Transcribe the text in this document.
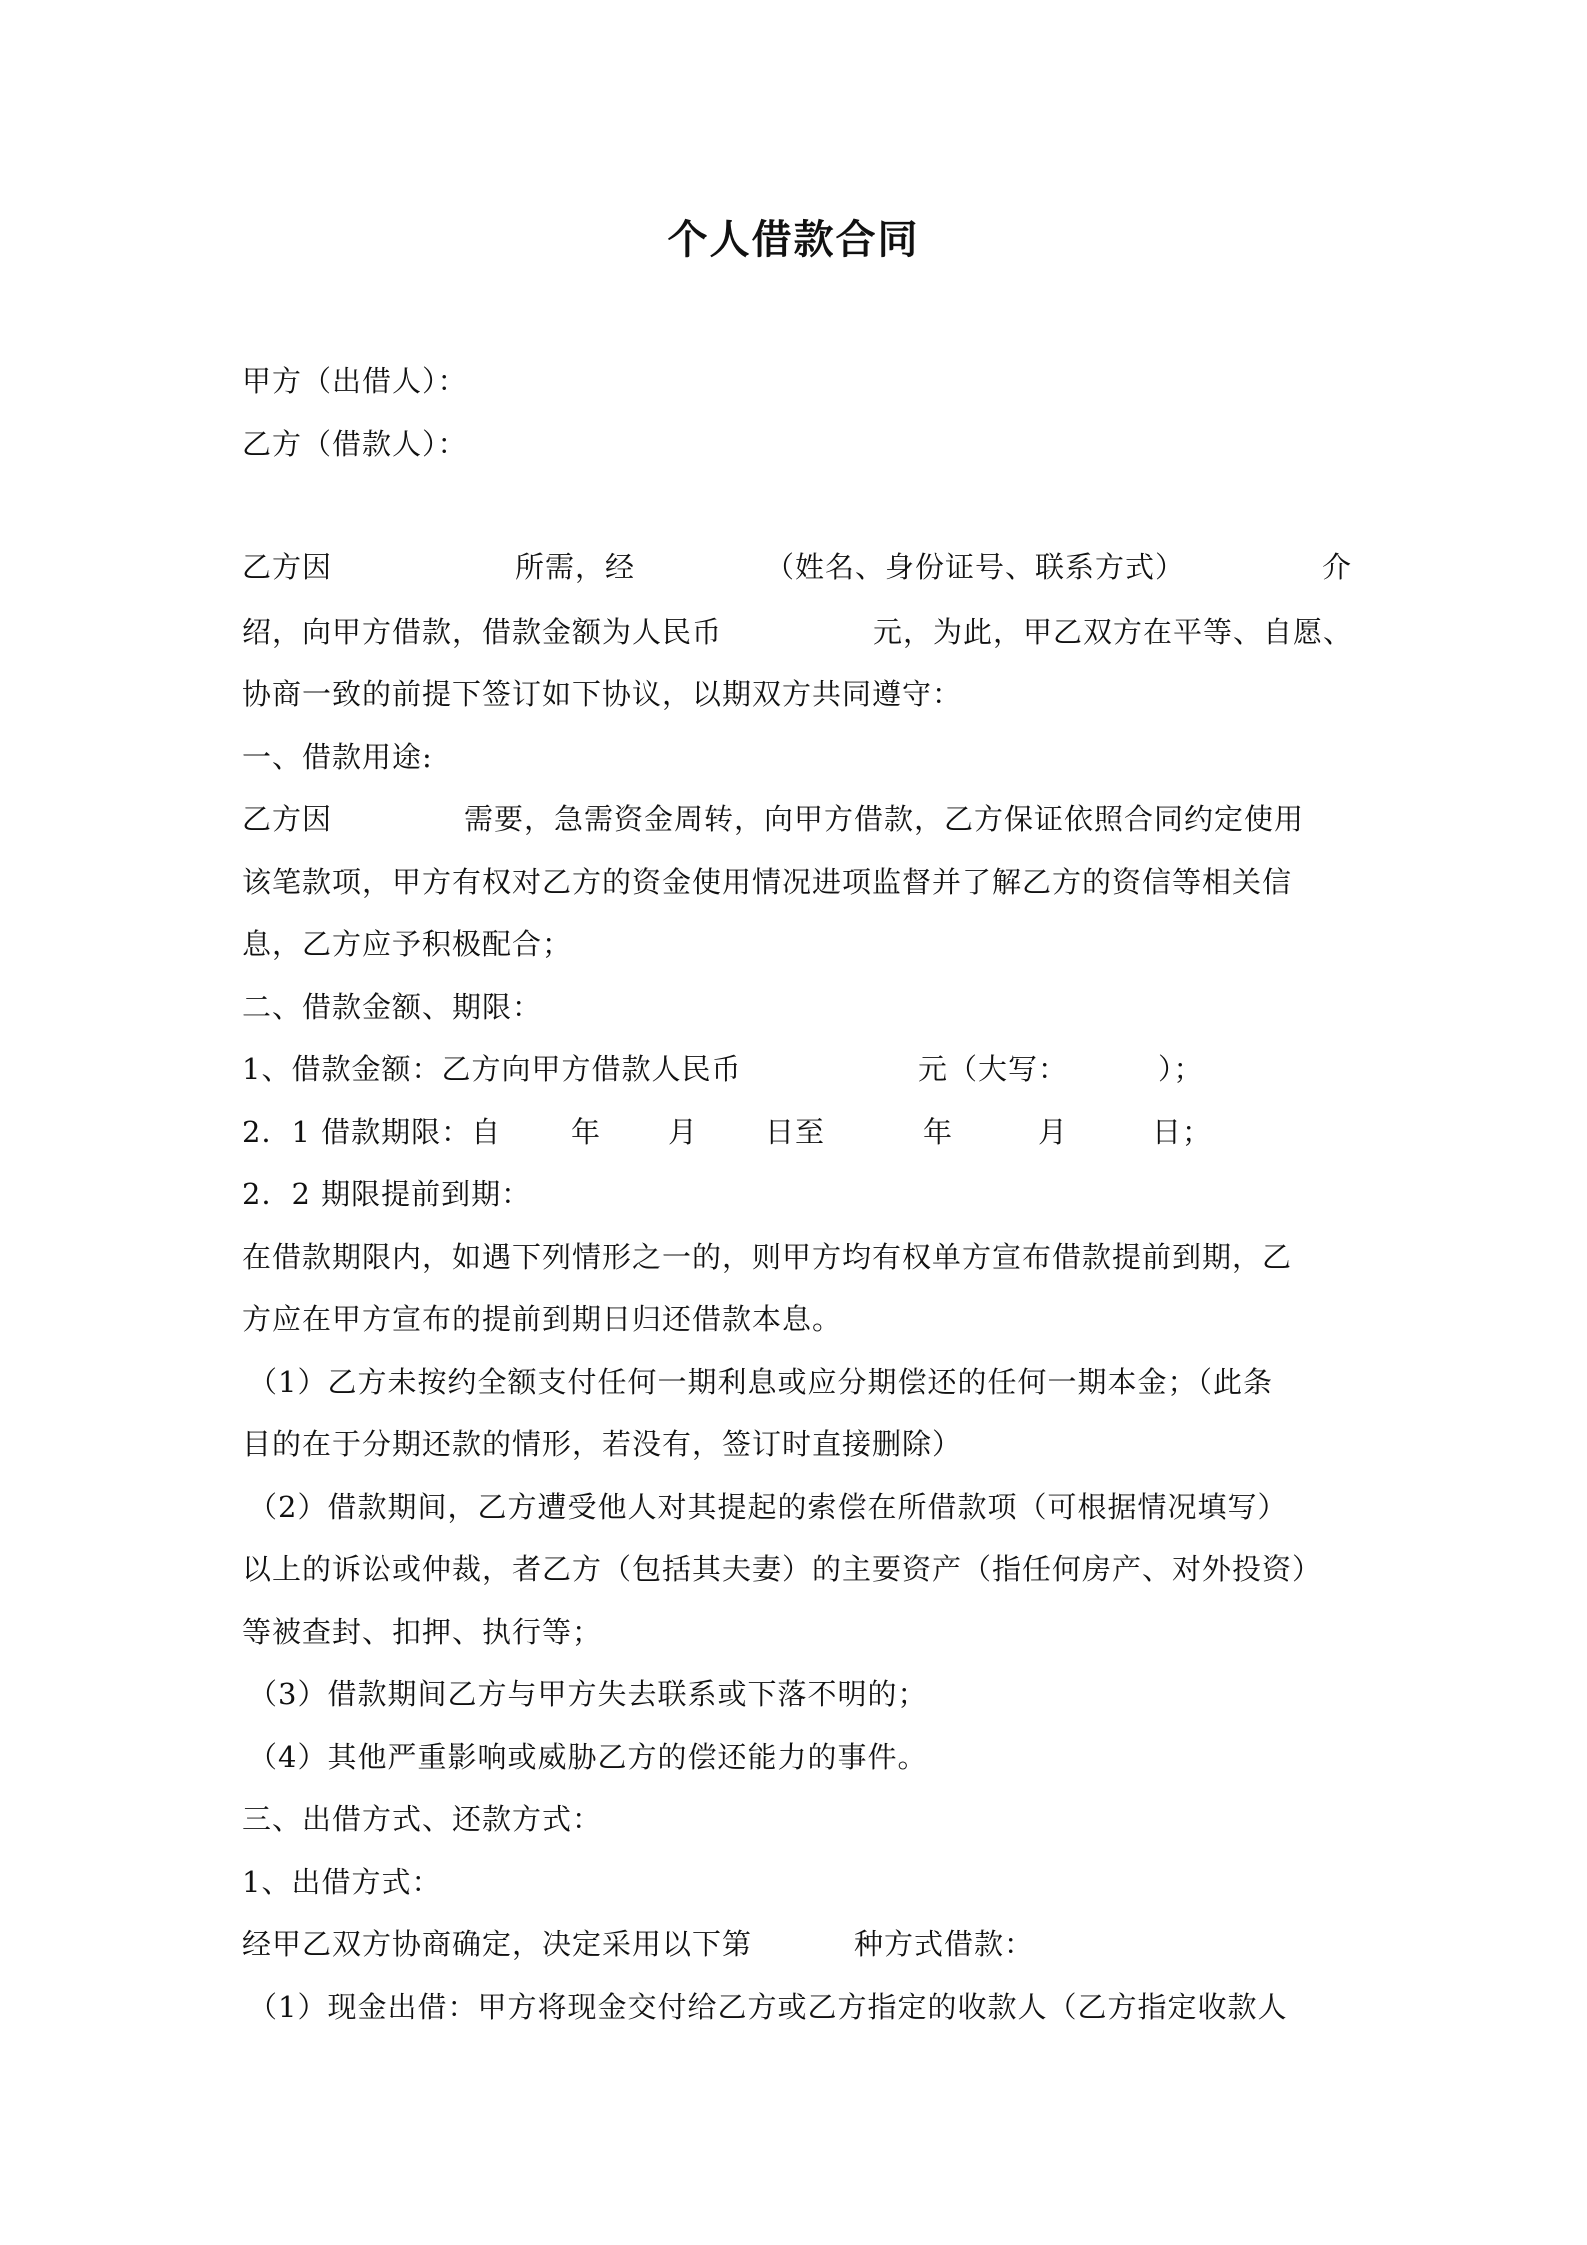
个人借款合同
甲方（出借人）：
乙方（借款人）：
乙方因	所需，经	（姓名、身份证号、联系方式）	介
绍，向甲方借款，借款金额为人民币	元，为此，甲乙双方在平等、自愿、
协商一致的前提下签订如下协议，以期双方共同遵守：
一、借款用途:
乙方因	需要，急需资金周转，向甲方借款，乙方保证依照合同约定使用
该笔款项，甲方有权对乙方的资金使用情况进项监督并了解乙方的资信等相关信
息，乙方应予积极配合；
二、借款金额、期限：
1、借款金额：乙方向甲方借款人民币	元（大写：	）；
2．1 借款期限：自 年 月 日至	年	月	日；
2．2 期限提前到期：
在借款期限内，如遇下列情形之一的，则甲方均有权单方宣布借款提前到期，乙
方应在甲方宣布的提前到期日归还借款本息。
（1）乙方未按约全额支付任何一期利息或应分期偿还的任何一期本金；（此条
目的在于分期还款的情形，若没有，签订时直接删除）
（2）借款期间，乙方遭受他人对其提起的索偿在所借款项（可根据情况填写）
以上的诉讼或仲裁，者乙方（包括其夫妻）的主要资产（指任何房产、对外投资）
等被查封、扣押、执行等；
（3）借款期间乙方与甲方失去联系或下落不明的；
（4）其他严重影响或威胁乙方的偿还能力的事件。
三、出借方式、还款方式：
1、出借方式：
经甲乙双方协商确定，决定采用以下第	种方式借款：
（1）现金出借：甲方将现金交付给乙方或乙方指定的收款人（乙方指定收款人
